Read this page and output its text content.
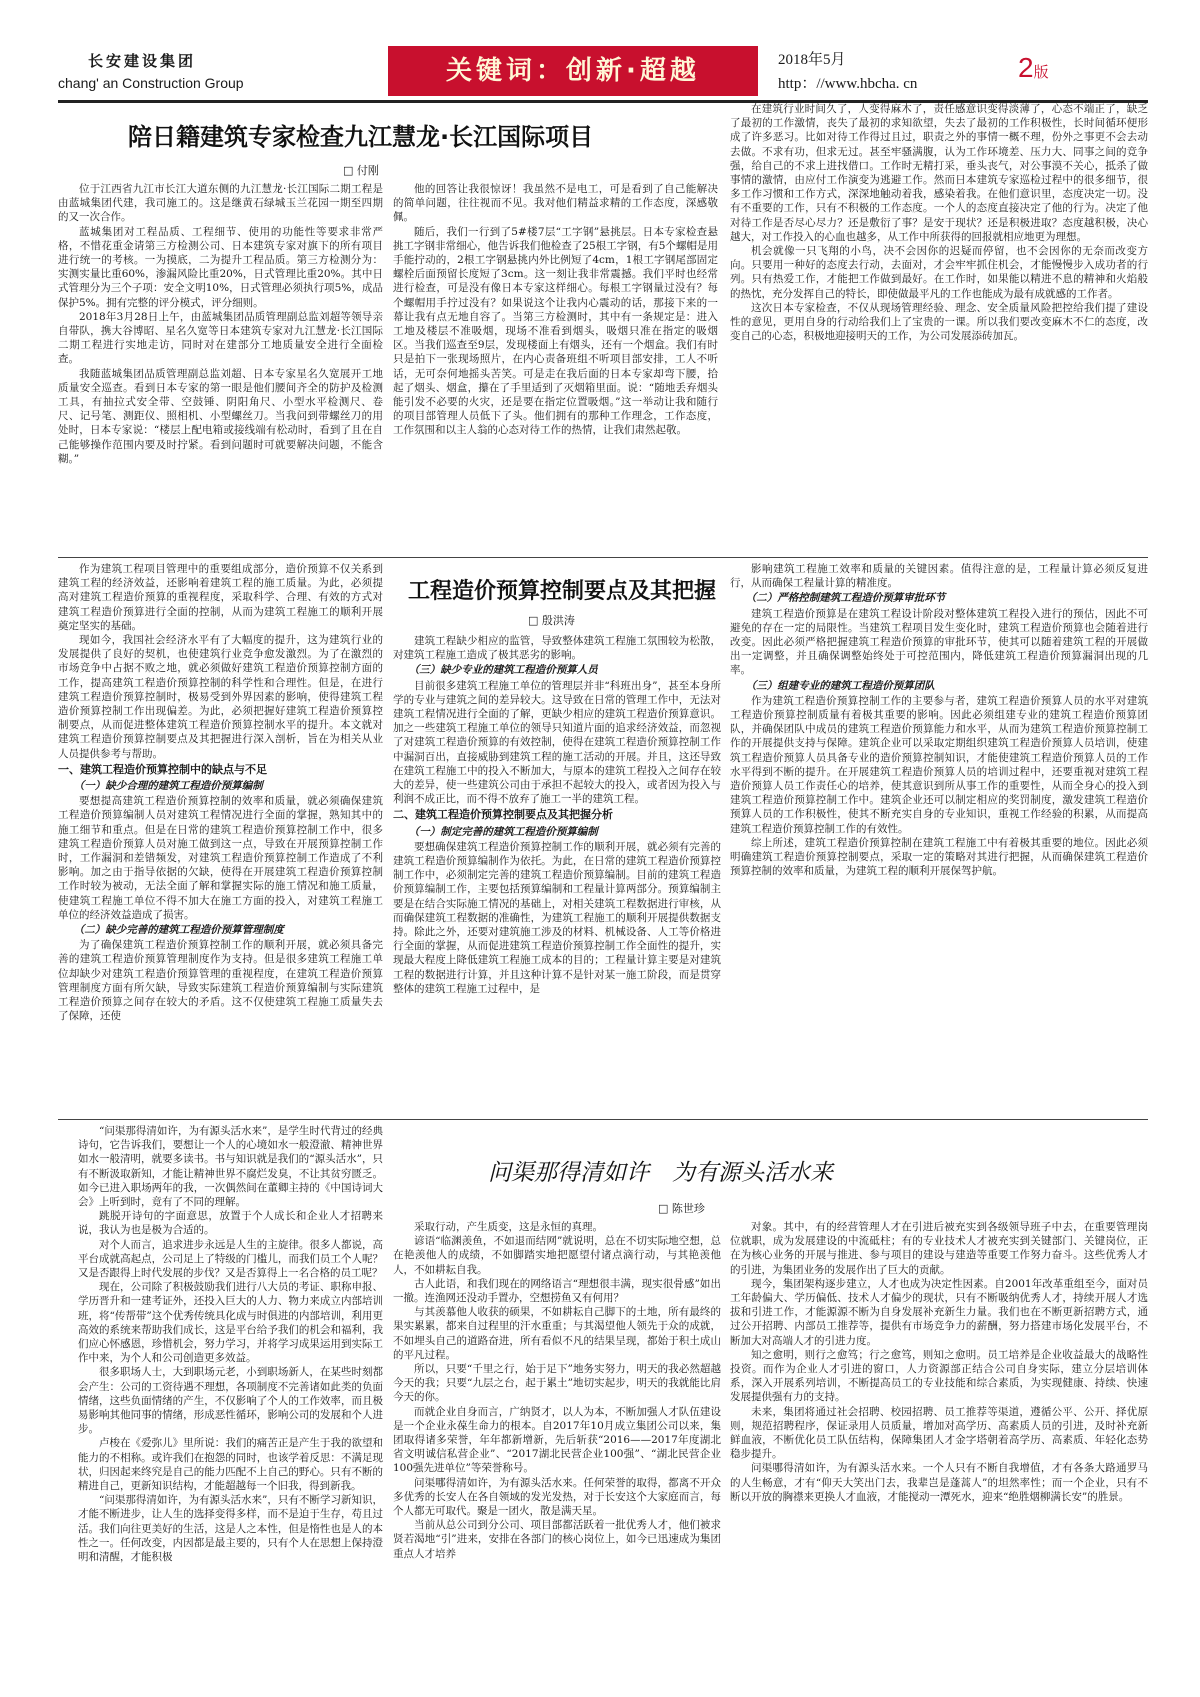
长安建设集团
chang' an Construction Group	关键词：创新·超越	2018年5月
http：//www.hbcha. cn
2版
陪日籍建筑专家检查九江慧龙·长江国际项目
□ 付刚

位于江西省九江市长江大道东侧的九江慧龙·长江国际二期工程是由蓝城集团代建，我司施工的。这是继黄石绿城玉兰花园一期至四期的又一次合作。

蓝城集团对工程品质、工程细节、使用的功能性等要求非常严格，不惜花重金请第三方检测公司、日本建筑专家对旗下的所有项目进行统一的考核。一为摸底，二为提升工程品质。第三方检测分为：实测实量比重60%，渗漏风险比重20%，日式管理比重20%。其中日式管理分为三个子项：安全文明10%，日式管理必须执行项5%，成品保护5%。拥有完整的评分模式，评分细则。

2018年3月28日上午，由蓝城集团品质管理副总监刘超等领导亲自带队，携大谷博昭、星名久宽等日本建筑专家对九江慧龙·长江国际二期工程进行实地走访，同时对在建部分工地质量安全进行全面检查。

我随蓝城集团品质管理副总监刘超、日本专家星名久宽展开工地质量安全巡查。看到日本专家的第一眼是他们腰间齐全的防护及检测工具，有抽拉式安全带、空鼓锤、阴阳角尺、小型水平检测尺、卷尺、记号笔、测距仪、照相机、小型螺丝刀。当我问到带螺丝刀的用处时，日本专家说：“楼层上配电箱或接线端有松动时，看到了且在自己能够操作范围内要及时拧紧。看到问题时可就要解决问题，不能含糊。”

他的回答让我很惊讶！我虽然不是电工，可是看到了自己能解决的简单问题，往往视而不见。我对他们精益求精的工作态度，深感敬佩。

随后，我们一行到了5#楼7层“工字钢”悬挑层。日本专家检查悬挑工字钢非常细心，他告诉我们他检查了25根工字钢，有5个螺帽是用手能拧动的，2根工字钢悬挑内外比例短了4cm，1根工字钢尾部固定螺栓后面预留长度短了3cm。这一刻让我非常震撼。我们平时也经常进行检查，可是没有像日本专家这样细心。每根工字钢量过没有？每个螺帽用手拧过没有？如果说这个让我内心震动的话，那接下来的一幕让我有点无地自容了。当第三方检测时，其中有一条规定是：进入工地及楼层不准吸烟，现场不准看到烟头，吸烟只准在指定的吸烟区。当我们巡查至9层，发现楼面上有烟头，还有一个烟盒。我们有时只是拍下一张现场照片，在内心责备班组不听项目部安排，工人不听话，无可奈何地摇头苦笑。可是走在我后面的日本专家却弯下腰，拾起了烟头、烟盒，攥在了手里适到了灭烟箱里面。说：“随地丢弃烟头能引发不必要的火灾，还是要在指定位置吸烟。”这一举动让我和随行的项目部管理人员低下了头。他们拥有的那种工作理念，工作态度，工作氛围和以主人翁的心态对待工作的热情，让我们肃然起敬。

在建筑行业时间久了，人变得麻木了，责任感意识变得淡薄了，心态不端正了，缺乏了最初的工作激情，丧失了最初的求知欲望，失去了最初的工作积极性，长时间循环便形成了许多恶习。比如对待工作得过且过，职责之外的事情一概不理，份外之事更不会去动去做。不求有功，但求无过。甚至牢骚满腹，认为工作环境差、压力大、同事之间的竞争强，给自己的不求上进找借口。工作时无精打采，垂头丧气，对公事漠不关心，抵杀了做事情的激情，由应付工作演变为逃避工作。然而日本建筑专家巡检过程中的很多细节，很多工作习惯和工作方式，深深地触动着我，感染着我。在他们意识里，态度决定一切。没有不重要的工作，只有不积极的工作态度。一个人的态度直接决定了他的行为。决定了他对待工作是否尽心尽力？还是敷衍了事？是安于现状？还是积极进取？态度越积极，决心越大，对工作投入的心血也越多，从工作中所获得的回报就相应地更为理想。

机会就像一只飞翔的小鸟，决不会因你的迟疑而停留，也不会因你的无奈而改变方向。只要用一种好的态度去行动，去面对，才会牢牢抓住机会，才能慢慢步入成功者的行列。只有热爱工作，才能把工作做到最好。在工作时，如果能以精进不息的精神和火焰般的热忱，充分发挥自己的特长，即使做最平凡的工作也能成为最有成就感的工作者。

这次日本专家检查，不仅从现场管理经验、理念、安全质量风险把控给我们提了建设性的意见，更用自身的行动给我们上了宝贵的一课。所以我们要改变麻木不仁的态度，改变自己的心态，积极地迎接明天的工作，为公司发展添砖加瓦。

作为建筑工程项目管理中的重要组成部分，造价预算不仅关系到建筑工程的经济效益，还影响着建筑工程的施工质量。为此，必须提高对建筑工程造价预算的重视程度，采取科学、合理、有效的方式对建筑工程造价预算进行全面的控制，从而为建筑工程施工的顺利开展奠定坚实的基础。

现如今，我国社会经济水平有了大幅度的提升，这为建筑行业的发展提供了良好的契机，也使建筑行业竞争愈发激烈。为了在激烈的市场竞争中占据不败之地，就必须做好建筑工程造价预算控制方面的工作，提高建筑工程造价预算控制的科学性和合理性。但是，在进行建筑工程造价预算控制时，极易受到外界因素的影响，使得建筑工程造价预算控制工作出现偏差。为此，必须把握好建筑工程造价预算控制要点，从而促进整体建筑工程造价预算控制水平的提升。本文就对建筑工程造价预算控制要点及其把握进行深入剖析，旨在为相关从业人员提供参考与帮助。

一、建筑工程造价预算控制中的缺点与不足
（一）缺少合理的建筑工程造价预算编制

要想提高建筑工程造价预算控制的效率和质量，就必须确保建筑工程造价预算编制人员对建筑工程情况进行全面的掌握，熟知其中的施工细节和重点。但是在日常的建筑工程造价预算控制工作中，很多建筑工程造价预算人员对施工做到这一点，导致在开展预算控制工作时，工作漏洞和差错频发，对建筑工程造价预算控制工作造成了不利影响。加之由于指导依据的欠缺，使得在开展建筑工程造价预算控制工作时较为被动，无法全面了解和掌握实际的施工情况和施工质量，使建筑工程施工单位不得不加大在施工方面的投入，对建筑工程施工单位的经济效益造成了损害。

（二）缺少完善的建筑工程造价预算管理制度

为了确保建筑工程造价预算控制工作的顺利开展，就必须具备完善的建筑工程造价预算管理制度作为支持。但是很多建筑工程施工单位却缺少对建筑工程造价预算管理的重视程度，在建筑工程造价预算管理制度方面有所欠缺，导致实际建筑工程造价预算编制与实际建筑工程造价预算之间存在较大的矛盾。这不仅使建筑工程施工质量失去了保障，还使

工程造价预算控制要点及其把握
□ 殷洪涛

建筑工程缺少相应的监管，导致整体建筑工程施工氛围较为松散，对建筑工程施工造成了极其恶劣的影响。

（三）缺少专业的建筑工程造价预算人员

目前很多建筑工程施工单位的管理层并非“科班出身”，甚至本身所学的专业与建筑之间的差异较大。这导致在日常的管理工作中，无法对建筑工程情况进行全面的了解，更缺少相应的建筑工程造价预算意识。加之一些建筑工程施工单位的领导只知道片面的追求经济效益，而忽视了对建筑工程造价预算的有效控制，使得在建筑工程造价预算控制工作中漏洞百出，直接威胁到建筑工程的施工活动的开展。并且，这还导致在建筑工程施工中的投入不断加大，与原本的建筑工程投入之间存在较大的差异，使一些建筑公司由于承担不起较大的投入，或者因为投入与利润不成正比，而不得不放弃了施工一半的建筑工程。

二、建筑工程造价预算控制要点及其把握分析
（一）制定完善的建筑工程造价预算编制

要想确保建筑工程造价预算控制工作的顺利开展，就必须有完善的建筑工程造价预算编制作为依托。为此，在日常的建筑工程造价预算控制工作中，必须制定完善的建筑工程造价预算编制。目前的建筑工程造价预算编制工作，主要包括预算编制和工程量计算两部分。预算编制主要是在结合实际施工情况的基础上，对相关建筑工程数据进行审核，从而确保建筑工程数据的准确性，为建筑工程施工的顺利开展提供数据支持。除此之外，还要对建筑施工涉及的材料、机械设备、人工等价格进行全面的掌握，从而促进建筑工程造价预算控制工作全面性的提升，实现最大程度上降低建筑工程施工成本的目的；工程量计算主要是对建筑工程的数据进行计算，并且这种计算不是针对某一施工阶段，而是贯穿整体的建筑工程施工过程中，是

影响建筑工程施工效率和质量的关键因素。值得注意的是，工程量计算必须反复进行，从而确保工程量计算的精准度。

（二）严格控制建筑工程造价预算审批环节

建筑工程造价预算是在建筑工程设计阶段对整体建筑工程投入进行的预估，因此不可避免的存在一定的局限性。当建筑工程项目发生变化时，建筑工程造价预算也会随着进行改变。因此必须严格把握建筑工程造价预算的审批环节，使其可以随着建筑工程的开展做出一定调整，并且确保调整始终处于可控范围内，降低建筑工程造价预算漏洞出现的几率。

（三）组建专业的建筑工程造价预算团队

作为建筑工程造价预算控制工作的主要参与者，建筑工程造价预算人员的水平对建筑工程造价预算控制质量有着极其重要的影响。因此必须组建专业的建筑工程造价预算团队，并确保团队中成员的建筑工程造价预算能力和水平，从而为建筑工程造价预算控制工作的开展提供支持与保障。建筑企业可以采取定期组织建筑工程造价预算人员培训，使建筑工程造价预算人员具备专业的造价预算控制知识，才能使建筑工程造价预算人员的工作水平得到不断的提升。在开展建筑工程造价预算人员的培训过程中，还要重视对建筑工程造价预算人员工作责任心的培养，使其意识到所从事工作的重要性，从而全身心的投入到建筑工程造价预算控制工作中。建筑企业还可以制定相应的奖罚制度，激发建筑工程造价预算人员的工作积极性，使其不断充实自身的专业知识，重视工作经验的积累，从而提高建筑工程造价预算控制工作的有效性。

综上所述，建筑工程造价预算控制在建筑工程施工中有着极其重要的地位。因此必须明确建筑工程造价预算控制要点，采取一定的策略对其进行把握，从而确保建筑工程造价预算控制的效率和质量，为建筑工程的顺利开展保驾护航。

“问渠那得清如许，为有源头活水来”，是学生时代背过的经典诗句，它告诉我们，要想让一个人的心境如水一般澄澈、精神世界如水一般清明，就要多读书。书与知识就是我们的“源头活水”，只有不断汲取新知，才能让精神世界不腐烂发臭，不让其贫穷匮乏。如今已进入职场两年的我，一次偶然间在董卿主持的《中国诗词大会》上听到时，竟有了不同的理解。

跳脱开诗句的字面意思，放置于个人成长和企业人才招聘来说，我认为也是极为合适的。

对个人而言，追求进步永远是人生的主旋律。很多人都说，高平台成就高起点，公司足上了特级的门槛儿，而我们员工个人呢？又是否跟得上时代发展的步伐？又是否算得上一名合格的员工呢？

现在，公司除了积极鼓励我们进行八大员的考证、职称申报、学历晋升和一建考证外，还投入巨大的人力、物力来成立内部培训班，将“传帮带”这个优秀传统具化成与时俱进的内部培训，利用更高效的系统来帮助我们成长，这是平台给予我们的机会和福利，我们应心怀感恩，珍惜机会，努力学习，并将学习成果运用到实际工作中来，为个人和公司创造更多效益。

很多职场人士，大到职场元老，小到职场新人，在某些时刻都会产生：公司的工资待遇不理想，各项制度不完善诸如此类的负面情绪，这些负面情绪的产生，不仅影响了个人的工作效率，而且极易影响其他同事的情绪，形成恶性循环，影响公司的发展和个人进步。

卢梭在《爱弥儿》里所说：我们的痛苦正是产生于我的欲望和能力的不相称。或许我们在抱怨的同时，也该学着反思：不满足现状，归因起来终究是自己的能力匹配不上自己的野心。只有不断的精进自己，更新知识结构，才能超越每一个旧我，得到新我。

“问渠那得清如许，为有源头活水来”，只有不断学习新知识，才能不断进步，让人生的选择变得多样，而不是迫于生存，苟且过活。我们向往更美好的生活，这是人之本性，但是惰性也是人的本性之一。任何改变，内因都是最主要的，只有个人在思想上保持澄明和清醒，才能积极

问渠那得清如许　为有源头活水来
□ 陈世珍

采取行动，产生质变，这是永恒的真理。

谚语“临渊羡鱼，不如退而结网”就说明，总在不切实际地空想，总在艳羡他人的成绩，不如脚踏实地把愿望付诸点滴行动，与其艳羡他人，不如耕耘自我。

古人此语，和我们现在的网络语言“理想很丰满，现实很骨感”如出一撤。连渔网还没动手置办，空想捞鱼又有何用？

与其羡慕他人收获的硕果，不如耕耘自己脚下的土地，所有最终的果实累累，都来自过程里的汗水重重；与其渴望他人领先于众的成就，不如埋头自己的道路奋进，所有看似不凡的结果呈现，都始于积土成山的平凡过程。

所以，只要“千里之行，始于足下”地务实努力，明天的我必然超越今天的我；只要“九层之台，起于累土”地切实起步，明天的我就能比肩今天的你。

而就企业自身而言，广纳贤才，以人为本，不断加强人才队伍建设是一个企业永葆生命力的根本。自2017年10月成立集团公司以来，集团取得诸多荣誉，年年都新增新，先后斩获“2016——2017年度湖北省文明诚信私营企业”、“2017湖北民营企业100强”、“湖北民营企业100强先进单位”等荣誉称号。

问渠哪得清如许，为有源头活水来。任何荣誉的取得，都离不开众多优秀的长安人在各自领域的发光发热，对于长安这个大家庭而言，每个人都无可取代。聚是一团火，散是满天星。

当前从总公司到分公司、项目部都活跃着一批优秀人才，他们被求贤若渴地“引”进来，安排在各部门的核心岗位上，如今已迅速成为集团重点人才培养

对象。其中，有的经营管理人才在引进后被充实到各级领导班子中去，在重要管理岗位就职，成为发展建设的中流砥柱；有的专业技术人才被充实到关键部门、关键岗位，正在为核心业务的开展与推进、参与项目的建设与建造等重要工作努力奋斗。这些优秀人才的引进，为集团业务的发展作出了巨大的贡献。

现今，集团架构逐步建立，人才也成为决定性因素。自2001年改革重组至今，面对员工年龄偏大、学历偏低、技术人才偏少的现状，只有不断吸纳优秀人才，持续开展人才选拔和引进工作，才能源源不断为自身发展补充新生力量。我们也在不断更新招聘方式，通过公开招聘、内部员工推荐等，提供有市场竞争力的薪酬，努力搭建市场化发展平台，不断加大对高端人才的引进力度。

知之愈明，则行之愈笃；行之愈笃，则知之愈明。员工培养是企业收益最大的战略性投资。而作为企业人才引进的窗口，人力资源部正结合公司自身实际，建立分层培训体系，深入开展系列培训，不断提高员工的专业技能和综合素质，为实现健康、持续、快速发展提供强有力的支持。

未来，集团将通过社会招聘、校园招聘、员工推荐等渠道，遵循公平、公开、择优原则，规范招聘程序，保证录用人员质量，增加对高学历、高素质人员的引进，及时补充新鲜血液，不断优化员工队伍结构，保障集团人才金字塔朝着高学历、高素质、年轻化态势稳步提升。

问渠哪得清如许，为有源头活水来。一个人只有不断自我增值，才有各条大路通罗马的人生畅意，才有“仰天大笑出门去，我辈岂是蓬蒿人”的坦然率性；而一个企业，只有不断以开放的胸襟来更换人才血液，才能搅动一潭死水，迎来“绝胜烟柳满长安”的胜景。
